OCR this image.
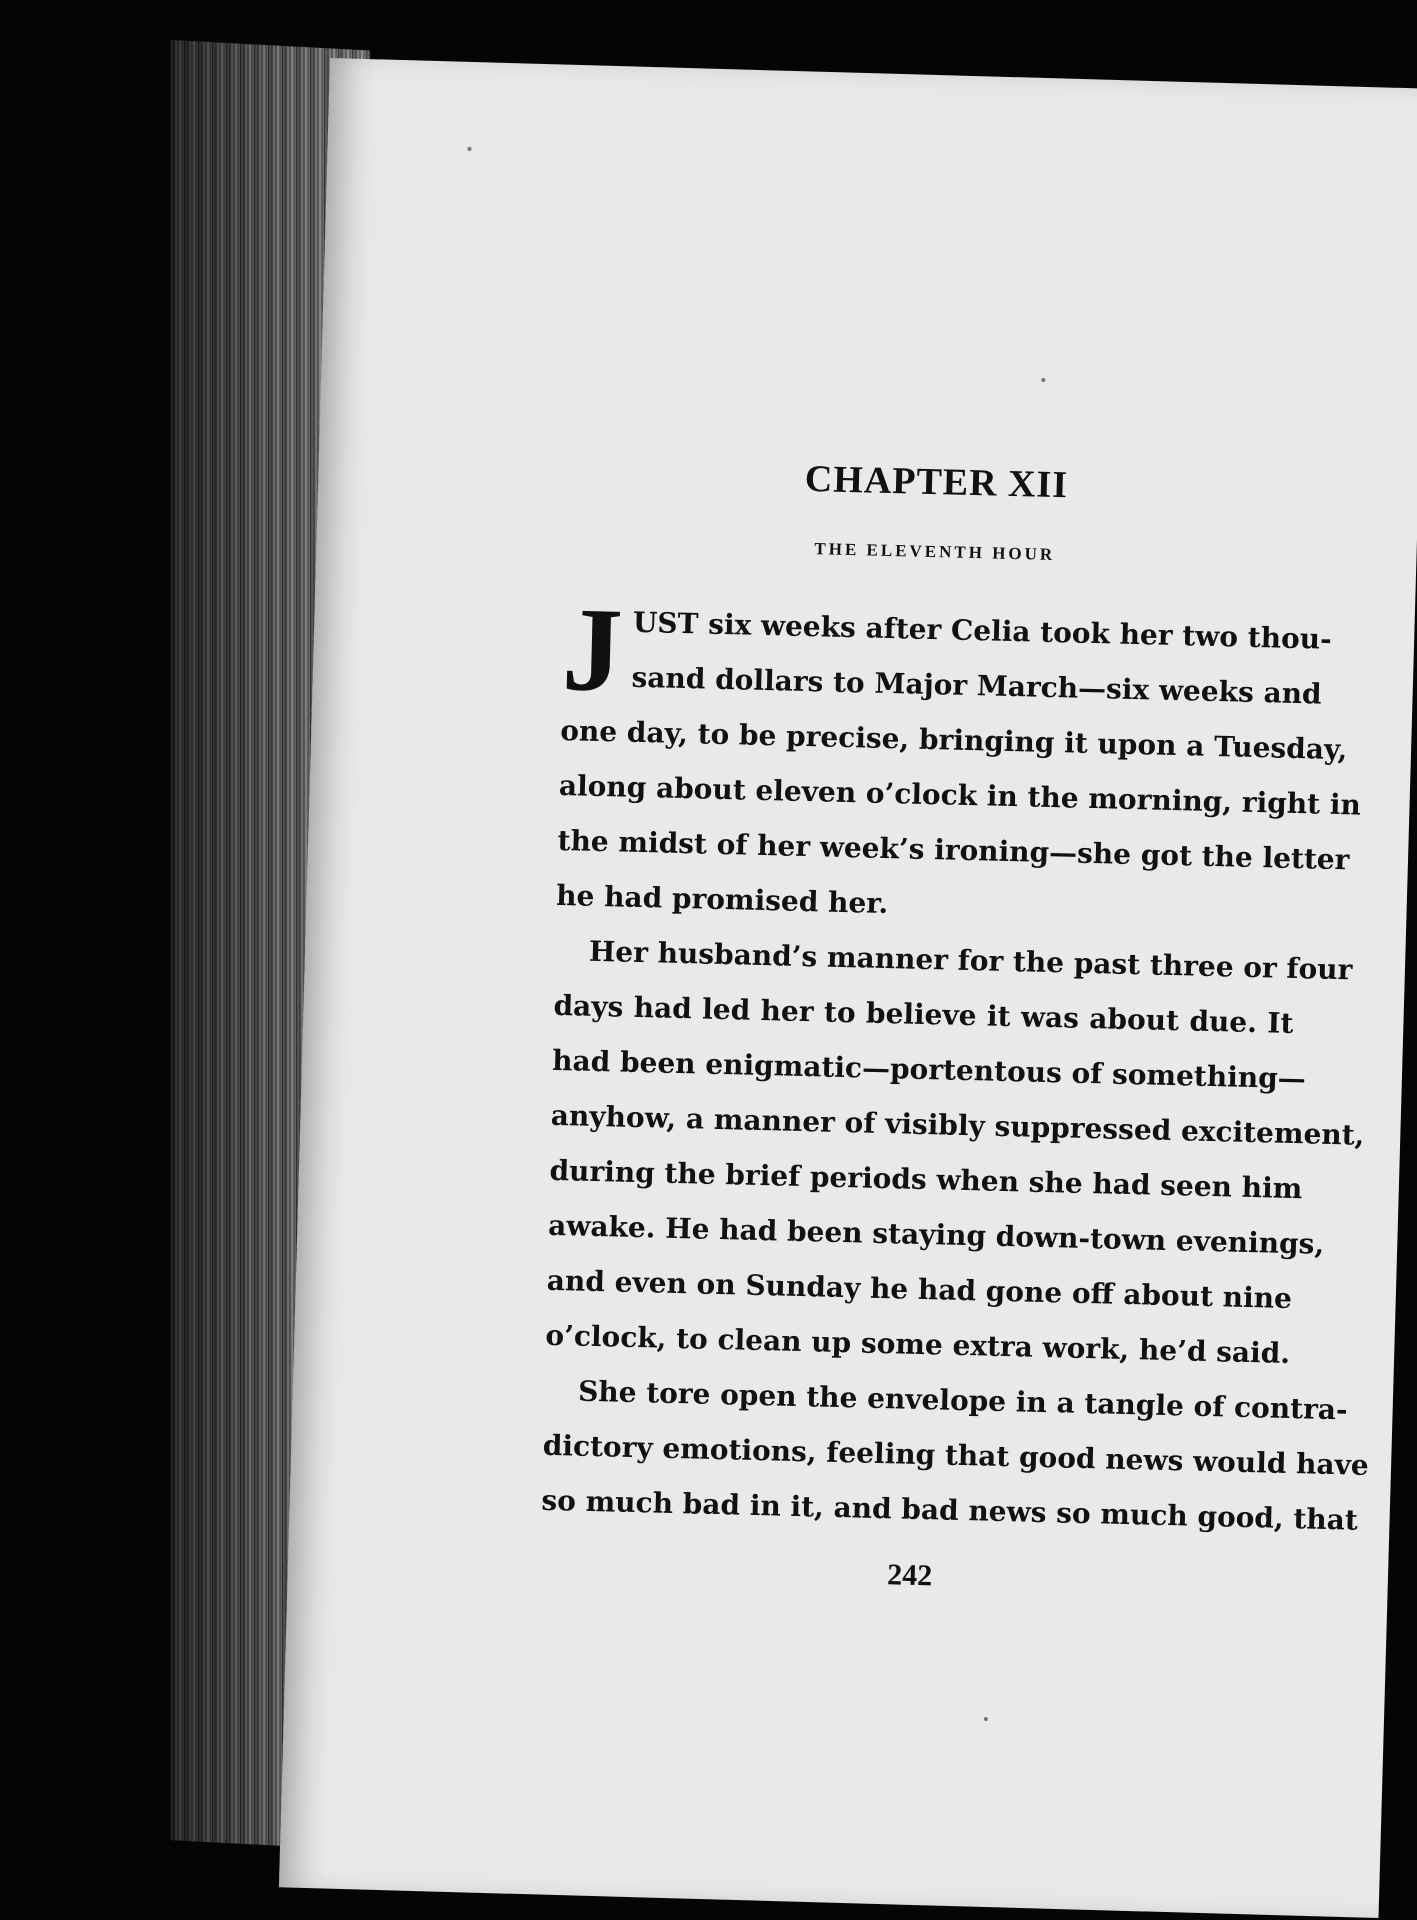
CHAPTER XII
THE ELEVENTH HOUR
J UST six weeks after Celia took her two thou-
sand dollars to Major March—six weeks and
one day, to be precise, bringing it upon a Tuesday,
along about eleven o’clock in the morning, right in
the midst of her week’s ironing—she got the letter
he had promised her.
Her husband’s manner for the past three or four
days had led her to believe it was about due. It
had been enigmatic—portentous of something—
anyhow, a manner of visibly suppressed excitement,
during the brief periods when she had seen him
awake. He had been staying down-town evenings,
and even on Sunday he had gone off about nine
o’clock, to clean up some extra work, he’d said.
She tore open the envelope in a tangle of contra-
dictory emotions, feeling that good news would have
so much bad in it, and bad news so much good, that
242
